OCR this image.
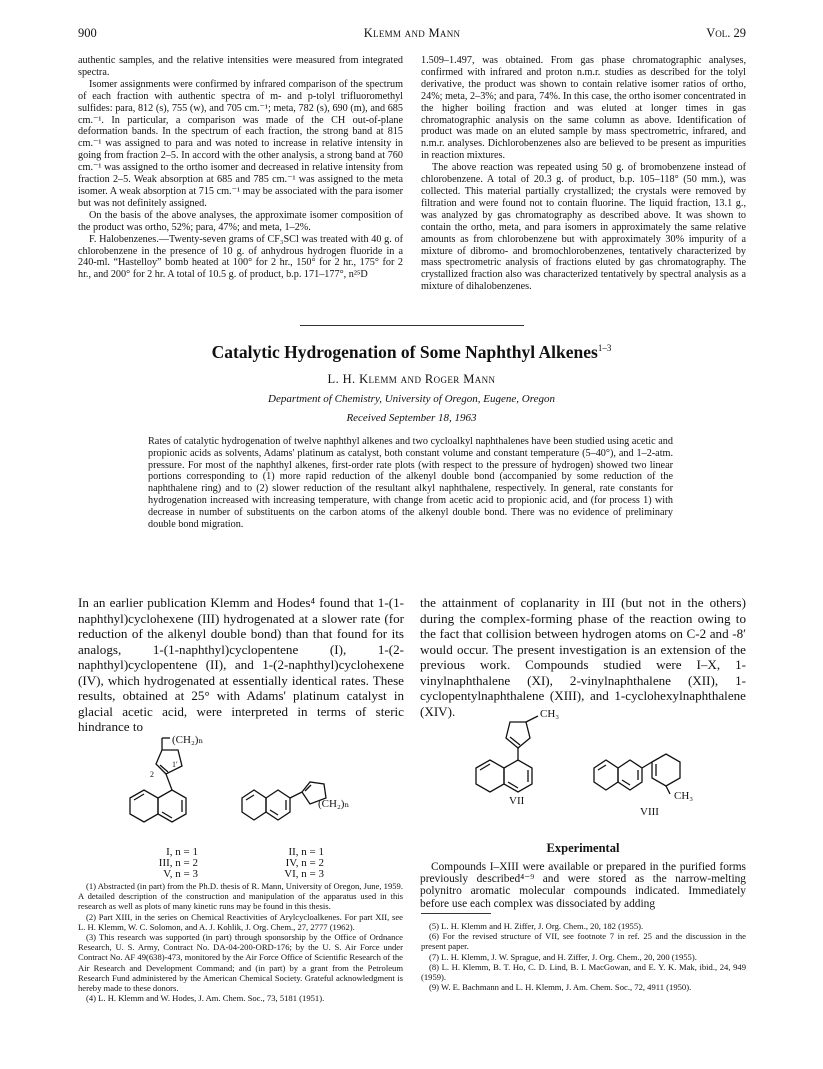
900	Klemm and Mann	Vol. 29

authentic samples, and the relative intensities were measured from integrated spectra.

Isomer assignments were confirmed by infrared comparison of the spectrum of each fraction with authentic spectra of m- and p-tolyl trifluoromethyl sulfides: para, 812 (s), 755 (w), and 705 cm.⁻¹; meta, 782 (s), 690 (m), and 685 cm.⁻¹. In particular, a comparison was made of the CH out-of-plane deformation bands. In the spectrum of each fraction, the strong band at 815 cm.⁻¹ was assigned to para and was noted to increase in relative intensity in going from fraction 2–5. In accord with the other analysis, a strong band at 760 cm.⁻¹ was assigned to the ortho isomer and decreased in relative intensity from fraction 2–5. Weak absorption at 685 and 785 cm.⁻¹ was assigned to the meta isomer. A weak absorption at 715 cm.⁻¹ may be associated with the para isomer but was not definitely assigned.

On the basis of the above analyses, the approximate isomer composition of the product was ortho, 52%; para, 47%; and meta, 1–2%.

F. Halobenzenes.—Twenty-seven grams of CF₃SCl was treated with 40 g. of chlorobenzene in the presence of 10 g. of anhydrous hydrogen fluoride in a 240-ml. “Hastelloy” bomb heated at 100° for 2 hr., 150° for 2 hr., 175° for 2 hr., and 200° for 2 hr. A total of 10.5 g. of product, b.p. 171–177°, n²⁵D

1.509–1.497, was obtained. From gas phase chromatographic analyses, confirmed with infrared and proton n.m.r. studies as described for the tolyl derivative, the product was shown to contain relative isomer ratios of ortho, 24%; meta, 2–3%; and para, 74%. In this case, the ortho isomer concentrated in the higher boiling fraction and was eluted at longer times in gas chromatographic analysis on the same column as above. Identification of product was made on an eluted sample by mass spectrometric, infrared, and n.m.r. analyses. Dichlorobenzenes also are believed to be present as impurities in reaction mixtures.

The above reaction was repeated using 50 g. of bromobenzene instead of chlorobenzene. A total of 20.3 g. of product, b.p. 105–118° (50 mm.), was collected. This material partially crystallized; the crystals were removed by filtration and were found not to contain fluorine. The liquid fraction, 13.1 g., was analyzed by gas chromatography as described above. It was shown to contain the ortho, meta, and para isomers in approximately the same relative amounts as from chlorobenzene but with approximately 30% impurity of a mixture of dibromo- and bromochlorobenzenes, tentatively characterized by mass spectrometric analysis of fractions eluted by gas chromatography. The crystallized fraction also was characterized tentatively by spectral analysis as a mixture of dihalobenzenes.

Catalytic Hydrogenation of Some Naphthyl Alkenes$^{1-3}$
L. H. Klemm and Roger Mann
Department of Chemistry, University of Oregon, Eugene, Oregon
Received September 18, 1963
Rates of catalytic hydrogenation of twelve naphthyl alkenes and two cycloalkyl naphthalenes have been studied using acetic and propionic acids as solvents, Adams' platinum as catalyst, both constant volume and constant temperature (5–40°), and 1–2-atm. pressure. For most of the naphthyl alkenes, first-order rate plots (with respect to the pressure of hydrogen) showed two linear portions corresponding to (1) more rapid reduction of the alkenyl double bond (accompanied by some reduction of the naphthalene ring) and to (2) slower reduction of the resultant alkyl naphthalene, respectively. In general, rate constants for hydrogenation increased with increasing temperature, with change from acetic acid to propionic acid, and (for process 1) with decrease in number of substituents on the carbon atoms of the alkenyl double bond. There was no evidence of preliminary double bond migration.
In an earlier publication Klemm and Hodes⁴ found that 1-(1-naphthyl)cyclohexene (III) hydrogenated at a slower rate (for reduction of the alkenyl double bond) than that found for its analogs, 1-(1-naphthyl)cyclopentene (I), 1-(2-naphthyl)cyclopentene (II), and 1-(2-naphthyl)cyclohexene (IV), which hydrogenated at essentially identical rates. These results, obtained at 25° with Adams' platinum catalyst in glacial acetic acid, were interpreted in terms of steric hindrance to
the attainment of coplanarity in III (but not in the others) during the complex-forming phase of the reaction owing to the fact that collision between hydrogen atoms on C-2 and -8′ would occur. The present investigation is an extension of the previous work. Compounds studied were I–X, 1-vinylnaphthalene (XI), 2-vinylnaphthalene (XII), 1-cyclopentylnaphthalene (XIII), and 1-cyclohexylnaphthalene (XIV).
(CH₂)ₙ
1′
2
I, n = 1
III, n = 2
V, n = 3
(CH₂)ₙ
II, n = 1
IV, n = 2
VI, n = 3
CH₃
VII	CH₃
VIII

(1) Abstracted (in part) from the Ph.D. thesis of R. Mann, University of Oregon, June, 1959. A detailed description of the construction and manipulation of the apparatus used in this research as well as plots of many kinetic runs may be found in this thesis.

(2) Part XIII, in the series on Chemical Reactivities of Arylcycloalkenes. For part XII, see L. H. Klemm, W. C. Solomon, and A. J. Kohlik, J. Org. Chem., 27, 2777 (1962).

(3) This research was supported (in part) through sponsorship by the Office of Ordnance Research, U. S. Army, Contract No. DA-04-200-ORD-176; by the U. S. Air Force under Contract No. AF 49(638)-473, monitored by the Air Force Office of Scientific Research of the Air Research and Development Command; and (in part) by a grant from the Petroleum Research Fund administered by the American Chemical Society. Grateful acknowledgment is hereby made to these donors.

(4) L. H. Klemm and W. Hodes, J. Am. Chem. Soc., 73, 5181 (1951).

Experimental

Compounds I–XIII were available or prepared in the purified forms previously described⁴⁻⁹ and were stored as the narrow-melting polynitro aromatic molecular compounds indicated. Immediately before use each complex was dissociated by adding

(5) L. H. Klemm and H. Ziffer, J. Org. Chem., 20, 182 (1955).

(6) For the revised structure of VII, see footnote 7 in ref. 25 and the discussion in the present paper.

(7) L. H. Klemm, J. W. Sprague, and H. Ziffer, J. Org. Chem., 20, 200 (1955).

(8) L. H. Klemm, B. T. Ho, C. D. Lind, B. I. MacGowan, and E. Y. K. Mak, ibid., 24, 949 (1959).

(9) W. E. Bachmann and L. H. Klemm, J. Am. Chem. Soc., 72, 4911 (1950).
